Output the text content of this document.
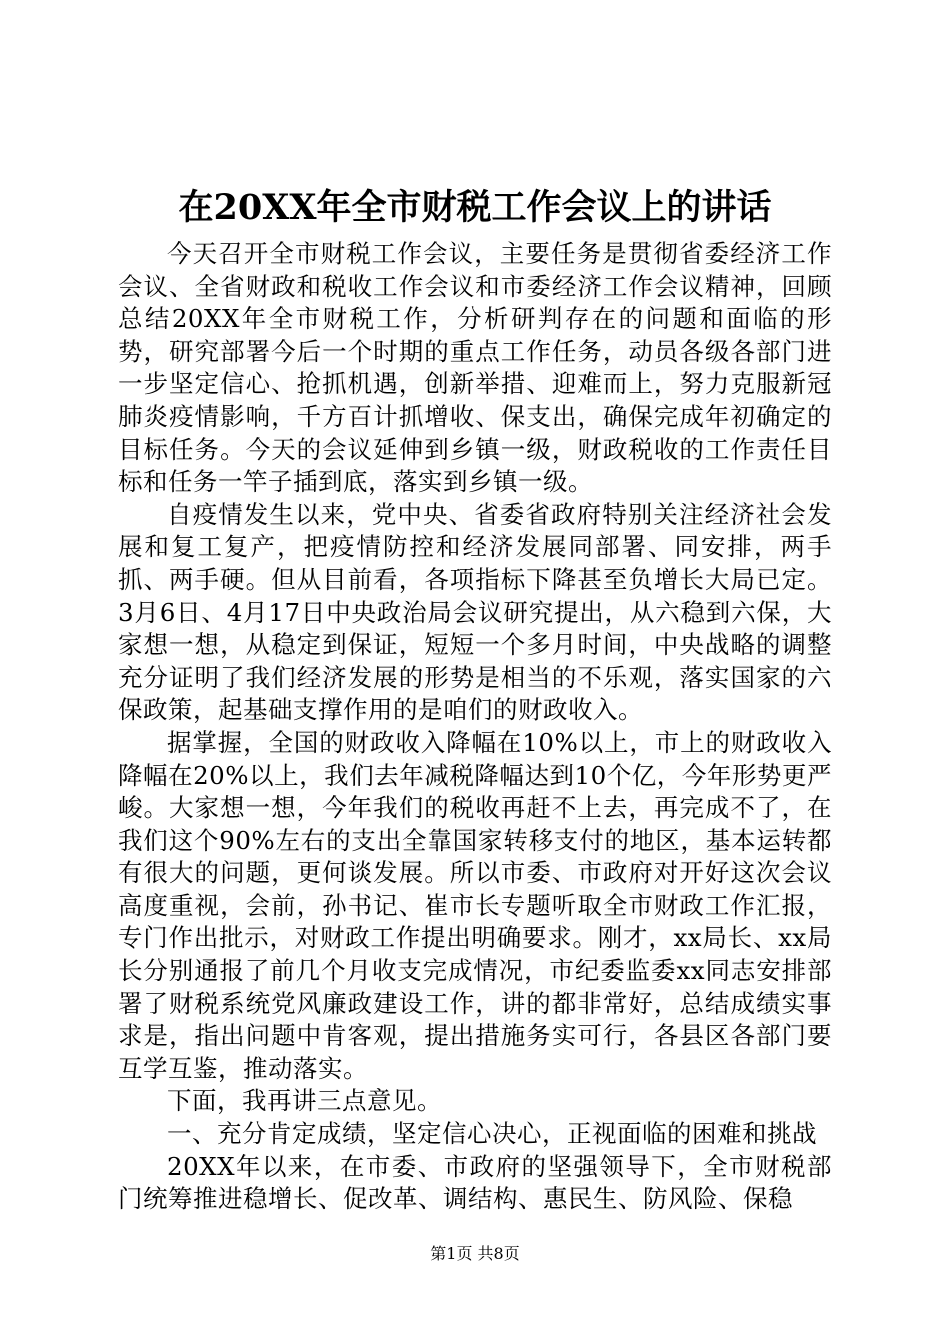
在20XX年全市财税工作会议上的讲话

今天召开全市财税工作会议，主要任务是贯彻省委经济工作会议、全省财政和税收工作会议和市委经济工作会议精神，回顾总结20XX年全市财税工作，分析研判存在的问题和面临的形势，研究部署今后一个时期的重点工作任务，动员各级各部门进一步坚定信心、抢抓机遇，创新举措、迎难而上，努力克服新冠肺炎疫情影响，千方百计抓增收、保支出，确保完成年初确定的目标任务。今天的会议延伸到乡镇一级，财政税收的工作责任目标和任务一竿子插到底，落实到乡镇一级。

自疫情发生以来，党中央、省委省政府特别关注经济社会发展和复工复产，把疫情防控和经济发展同部署、同安排，两手抓、两手硬。但从目前看，各项指标下降甚至负增长大局已定。3月6日、4月17日中央政治局会议研究提出，从六稳到六保，大家想一想，从稳定到保证，短短一个多月时间，中央战略的调整充分证明了我们经济发展的形势是相当的不乐观，落实国家的六保政策，起基础支撑作用的是咱们的财政收入。

据掌握，全国的财政收入降幅在10%以上，市上的财政收入降幅在20%以上，我们去年减税降幅达到10个亿，今年形势更严峻。大家想一想，今年我们的税收再赶不上去，再完成不了，在我们这个90%左右的支出全靠国家转移支付的地区，基本运转都有很大的问题，更何谈发展。所以市委、市政府对开好这次会议高度重视，会前，孙书记、崔市长专题听取全市财政工作汇报，专门作出批示，对财政工作提出明确要求。刚才，xx局长、xx局长分别通报了前几个月收支完成情况，市纪委监委xx同志安排部署了财税系统党风廉政建设工作，讲的都非常好，总结成绩实事求是，指出问题中肯客观，提出措施务实可行，各县区各部门要互学互鉴，推动落实。

下面，我再讲三点意见。

一、充分肯定成绩，坚定信心决心，正视面临的困难和挑战

20XX年以来，在市委、市政府的坚强领导下，全市财税部门统筹推进稳增长、促改革、调结构、惠民生、防风险、保稳

第1页 共8页
